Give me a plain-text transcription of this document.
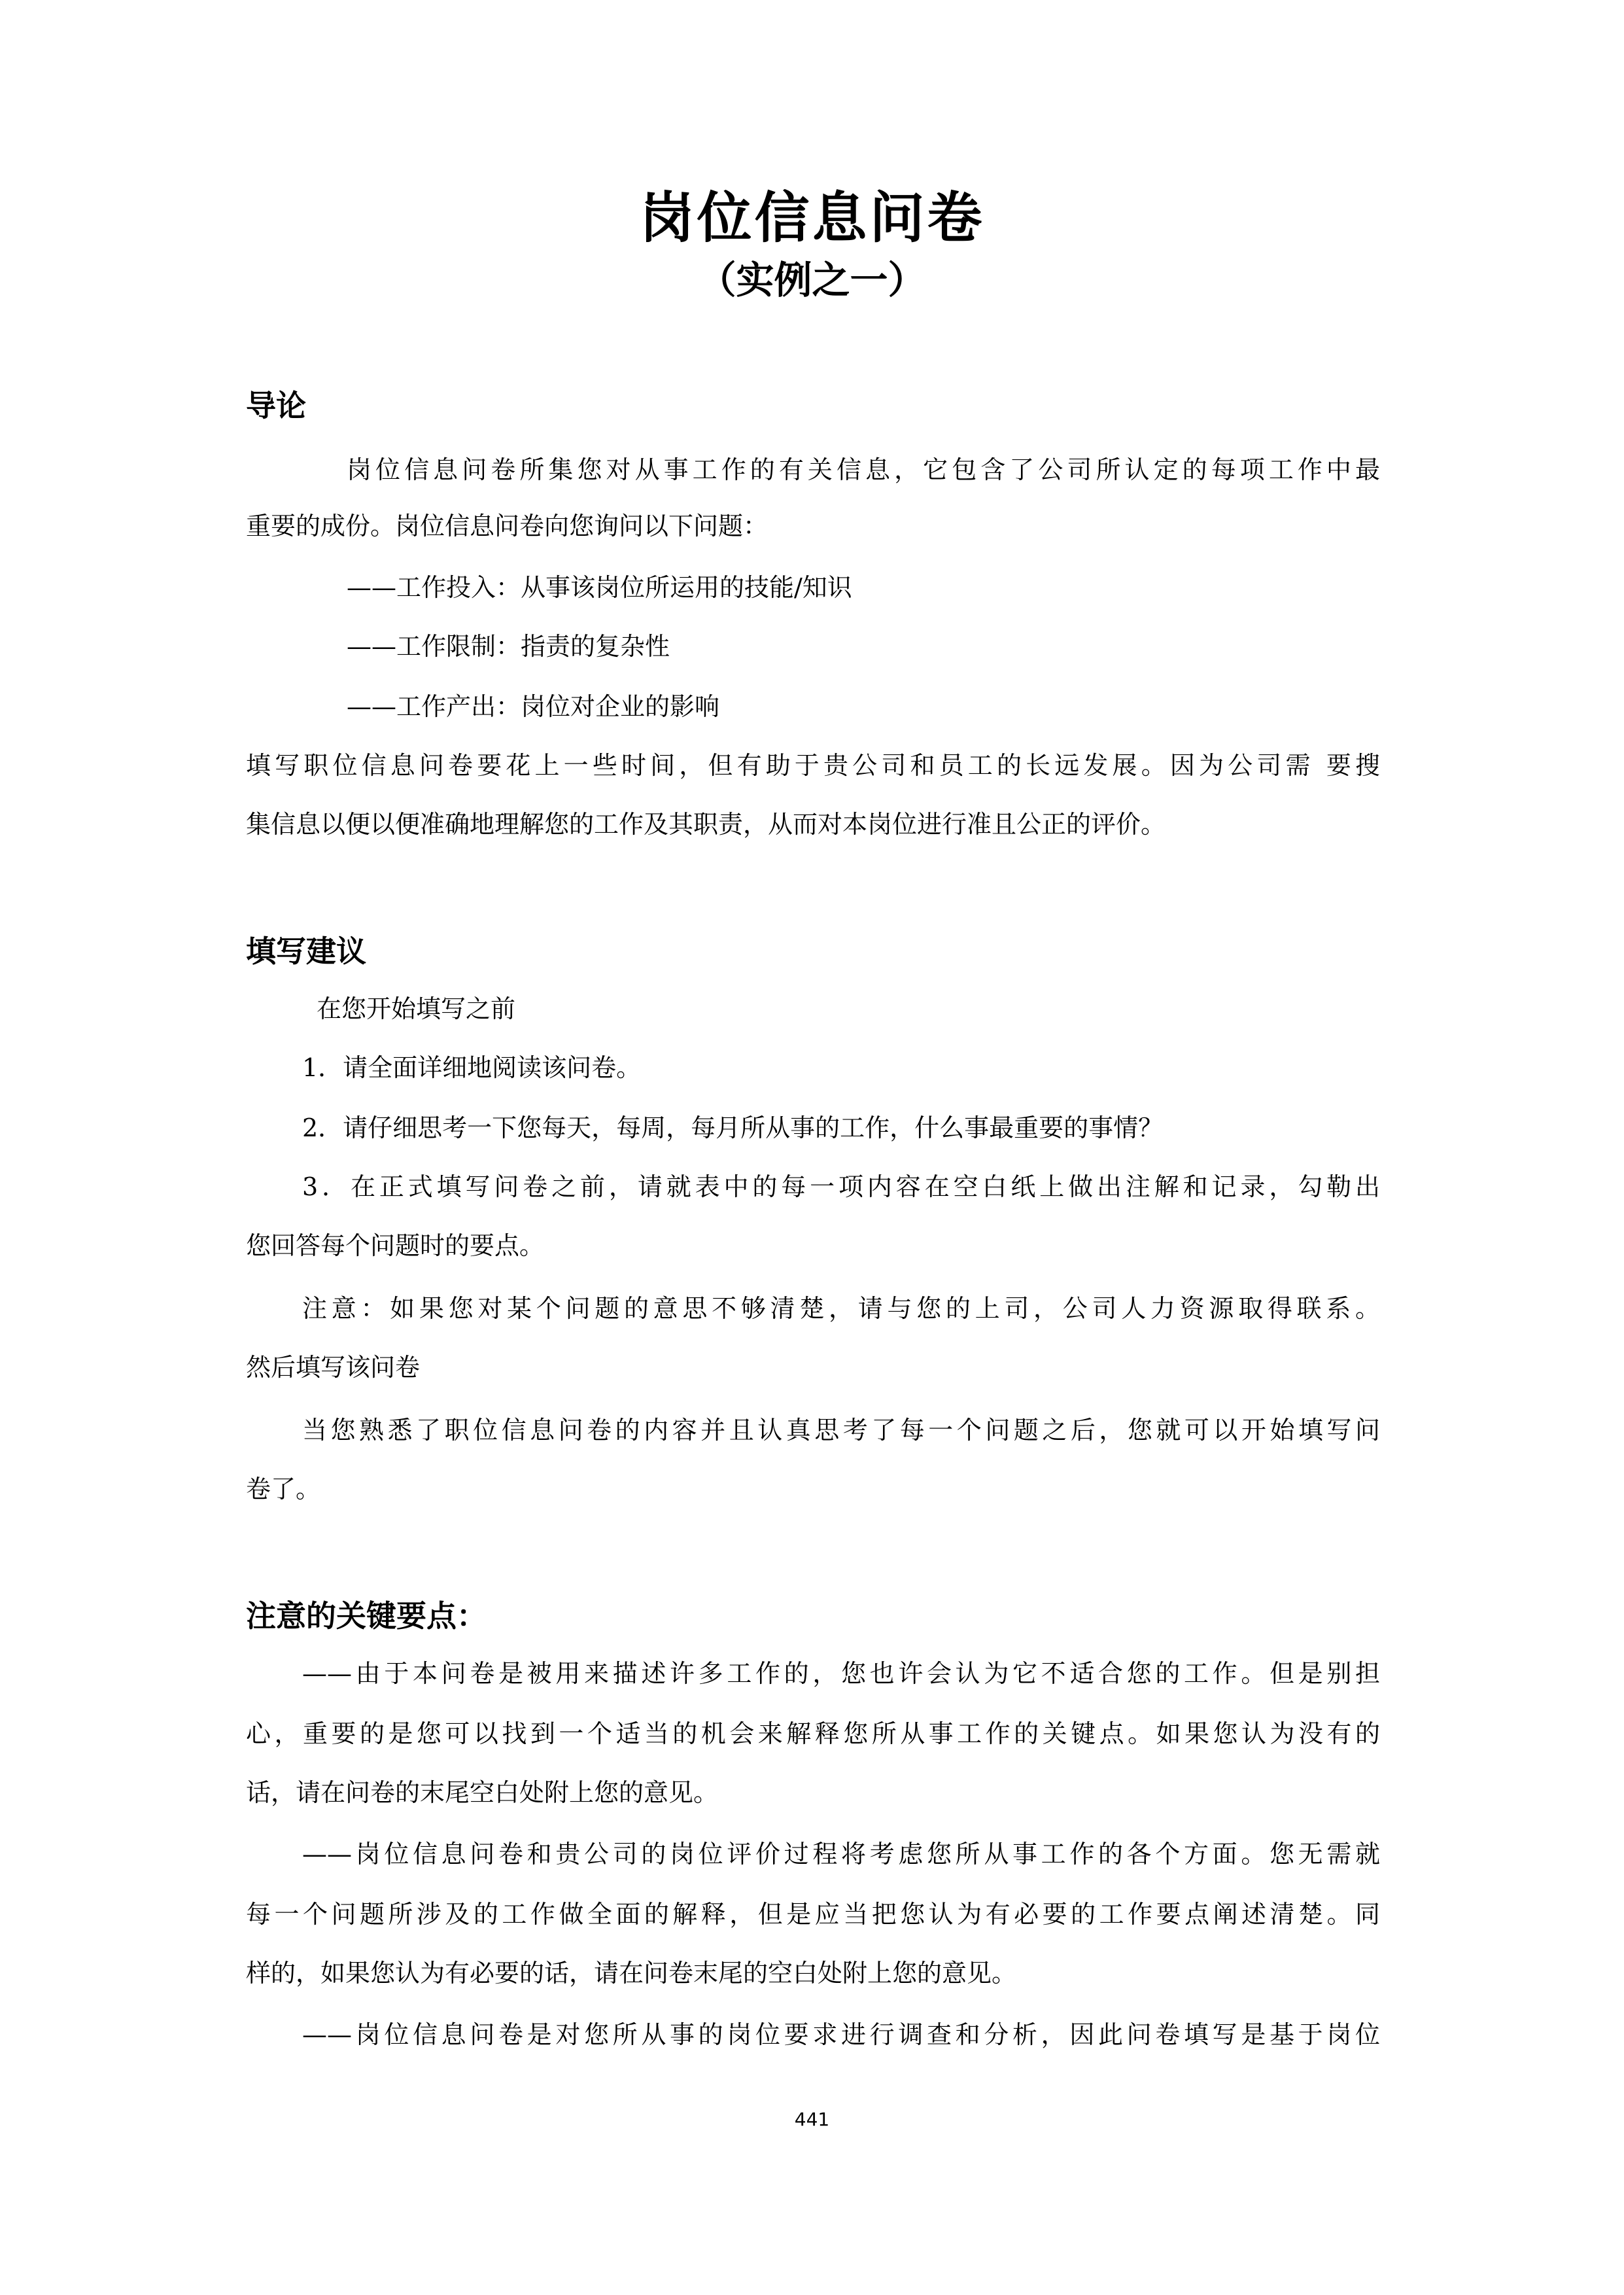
岗位信息问卷
（实例之一）
导论
岗位信息问卷所集您对从事工作的有关信息，它包含了公司所认定的每项工作中最
重要的成份。岗位信息问卷向您询问以下问题：
——工作投入：从事该岗位所运用的技能/知识
——工作限制：指责的复杂性
——工作产出：岗位对企业的影响
填写职位信息问卷要花上一些时间，但有助于贵公司和员工的长远发展。因为公司需 要搜
集信息以便以便准确地理解您的工作及其职责，从而对本岗位进行准且公正的评价。
填写建议
在您开始填写之前
1．请全面详细地阅读该问卷。
2．请仔细思考一下您每天，每周，每月所从事的工作，什么事最重要的事情？
3．在正式填写问卷之前，请就表中的每一项内容在空白纸上做出注解和记录，勾勒出
您回答每个问题时的要点。
注意：如果您对某个问题的意思不够清楚，请与您的上司，公司人力资源取得联系。
然后填写该问卷
当您熟悉了职位信息问卷的内容并且认真思考了每一个问题之后，您就可以开始填写问
卷了。
注意的关键要点：
——由于本问卷是被用来描述许多工作的，您也许会认为它不适合您的工作。但是别担
心，重要的是您可以找到一个适当的机会来解释您所从事工作的关键点。如果您认为没有的
话，请在问卷的末尾空白处附上您的意见。
——岗位信息问卷和贵公司的岗位评价过程将考虑您所从事工作的各个方面。您无需就
每一个问题所涉及的工作做全面的解释，但是应当把您认为有必要的工作要点阐述清楚。同
样的，如果您认为有必要的话，请在问卷末尾的空白处附上您的意见。
——岗位信息问卷是对您所从事的岗位要求进行调查和分析，因此问卷填写是基于岗位
441
